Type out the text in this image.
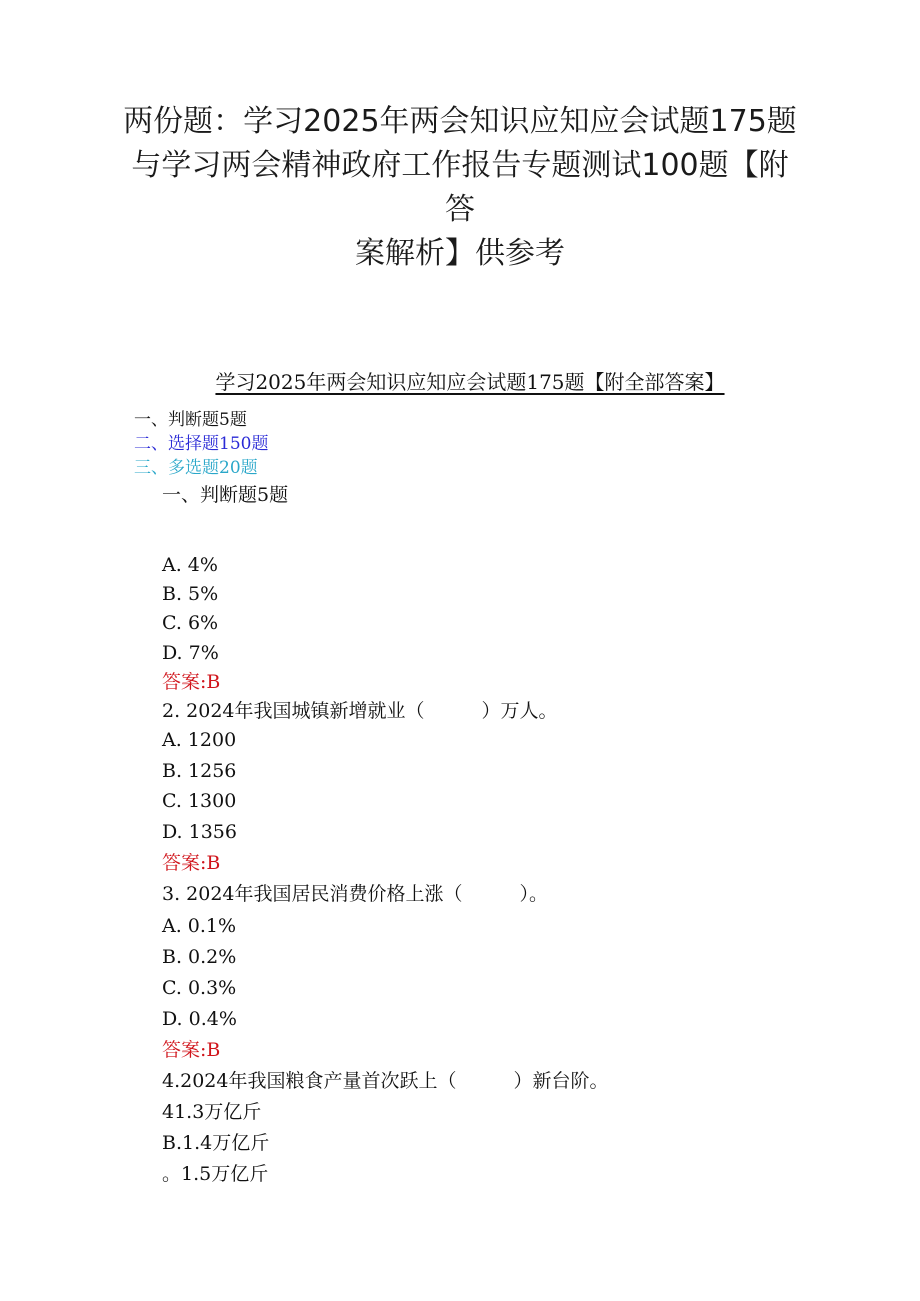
两份题：学习2025年两会知识应知应会试题175题
与学习两会精神政府工作报告专题测试100题【附答
案解析】供参考
学习2025年两会知识应知应会试题175题【附全部答案】
一、判断题5题
二、选择题150题
三、多选题20题
一、判断题5题
A. 4%
B. 5%
C. 6%
D. 7%
答案:B
2. 2024年我国城镇新增就业（　　　）万人。
A. 1200
B. 1256
C. 1300
D. 1356
答案:B
3. 2024年我国居民消费价格上涨（　　　）。
A. 0.1%
B. 0.2%
C. 0.3%
D. 0.4%
答案:B
4.2024年我国粮食产量首次跃上（　　　）新台阶。
41.3万亿斤
B.1.4万亿斤
。1.5万亿斤
